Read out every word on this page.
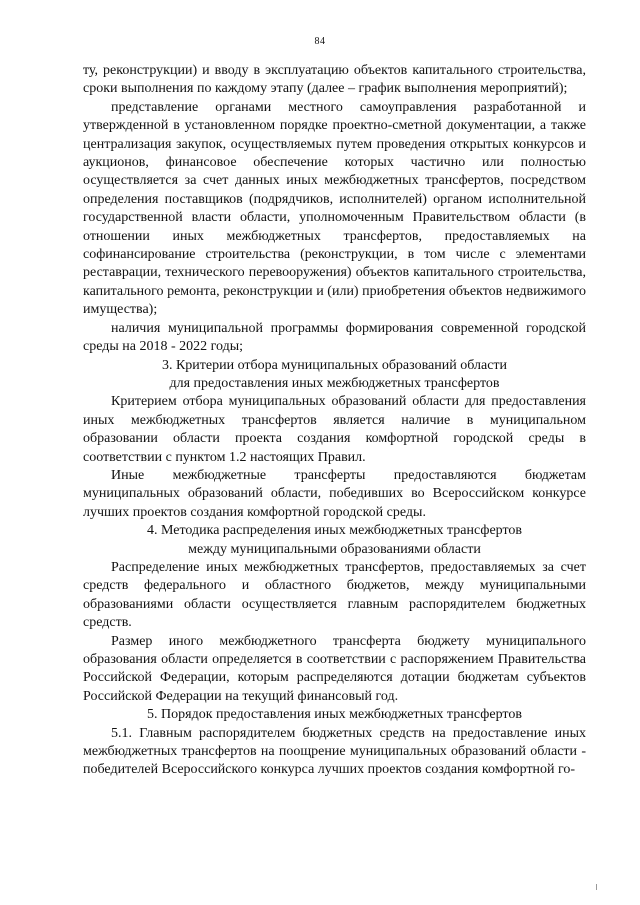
84

ту, реконструкции) и вводу в эксплуатацию объектов капитального строительства, сроки выполнения по каждому этапу (далее – график выполнения мероприятий);

представление органами местного самоуправления разработанной и утвержденной в установленном порядке проектно-сметной документации, а также централизация закупок, осуществляемых путем проведения открытых конкурсов и аукционов, финансовое обеспечение которых частично или полностью осуществляется за счет данных иных межбюджетных трансфертов, посредством определения поставщиков (подрядчиков, исполнителей) органом исполнительной государственной власти области, уполномоченным Правительством области (в отношении иных межбюджетных трансфертов, предоставляемых на софинансирование строительства (реконструкции, в том числе с элементами реставрации, технического перевооружения) объектов капитального строительства, капитального ремонта, реконструкции и (или) приобретения объектов недвижимого имущества);

наличия муниципальной программы формирования современной городской среды на 2018 - 2022 годы;

3. Критерии отбора муниципальных образований области
для предоставления иных межбюджетных трансфертов

Критерием отбора муниципальных образований области для предоставления иных межбюджетных трансфертов является наличие в муниципальном образовании области проекта создания комфортной городской среды в соответствии с пунктом 1.2 настоящих Правил.

Иные межбюджетные трансферты предоставляются бюджетам муниципальных образований области, победивших во Всероссийском конкурсе лучших проектов создания комфортной городской среды.

4. Методика распределения иных межбюджетных трансфертов
между муниципальными образованиями области

Распределение иных межбюджетных трансфертов, предоставляемых за счет средств федерального и областного бюджетов, между муниципальными образованиями области осуществляется главным распорядителем бюджетных средств.

Размер иного межбюджетного трансферта бюджету муниципального образования области определяется в соответствии с распоряжением Правительства Российской Федерации, которым распределяются дотации бюджетам субъектов Российской Федерации на текущий финансовый год.

5. Порядок предоставления иных межбюджетных трансфертов

5.1. Главным распорядителем бюджетных средств на предоставление иных межбюджетных трансфертов на поощрение муниципальных образований области - победителей Всероссийского конкурса лучших проектов создания комфортной го-
